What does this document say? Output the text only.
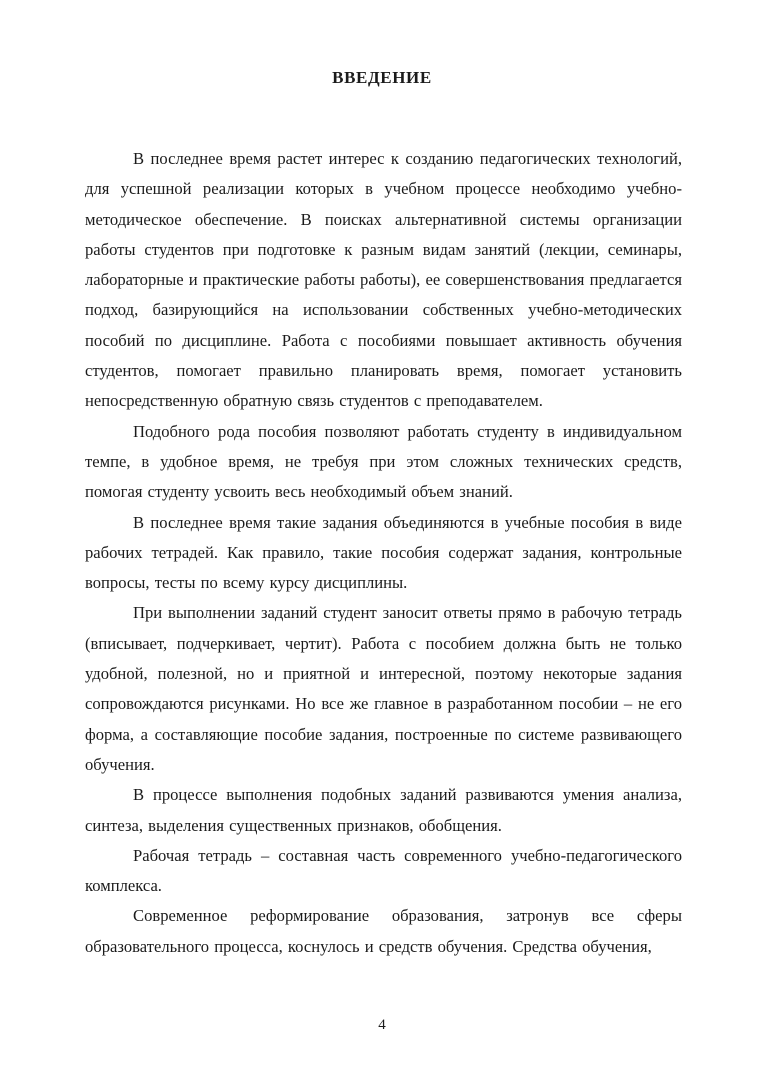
ВВЕДЕНИЕ

В последнее время растет интерес к созданию педагогических технологий, для успешной реализации которых в учебном процессе необходимо учебно-методическое обеспечение. В поисках альтернативной системы организации работы студентов при подготовке к разным видам занятий (лекции, семинары, лабораторные и практические работы работы), ее совершенствования предлагается подход, базирующийся на использовании собственных учебно-методических пособий по дисциплине. Работа с пособиями повышает активность обучения студентов, помогает правильно планировать время, помогает установить непосредственную обратную связь студентов с преподавателем.

Подобного рода пособия позволяют работать студенту в индивидуальном темпе, в удобное время, не требуя при этом сложных технических средств, помогая студенту усвоить весь необходимый объем знаний.

В последнее время такие задания объединяются в учебные пособия в виде рабочих тетрадей. Как правило, такие пособия содержат задания, контрольные вопросы, тесты по всему курсу дисциплины.

При выполнении заданий студент заносит ответы прямо в рабочую тетрадь (вписывает, подчеркивает, чертит). Работа с пособием должна быть не только удобной, полезной, но и приятной и интересной, поэтому некоторые задания сопровождаются рисунками. Но все же главное в разработанном пособии – не его форма, а составляющие пособие задания, построенные по системе развивающего обучения.

В процессе выполнения подобных заданий развиваются умения анализа, синтеза, выделения существенных признаков, обобщения.

Рабочая тетрадь – составная часть современного учебно-педагогического комплекса.

Современное реформирование образования, затронув все сферы образовательного процесса, коснулось и средств обучения. Средства обучения,

4
